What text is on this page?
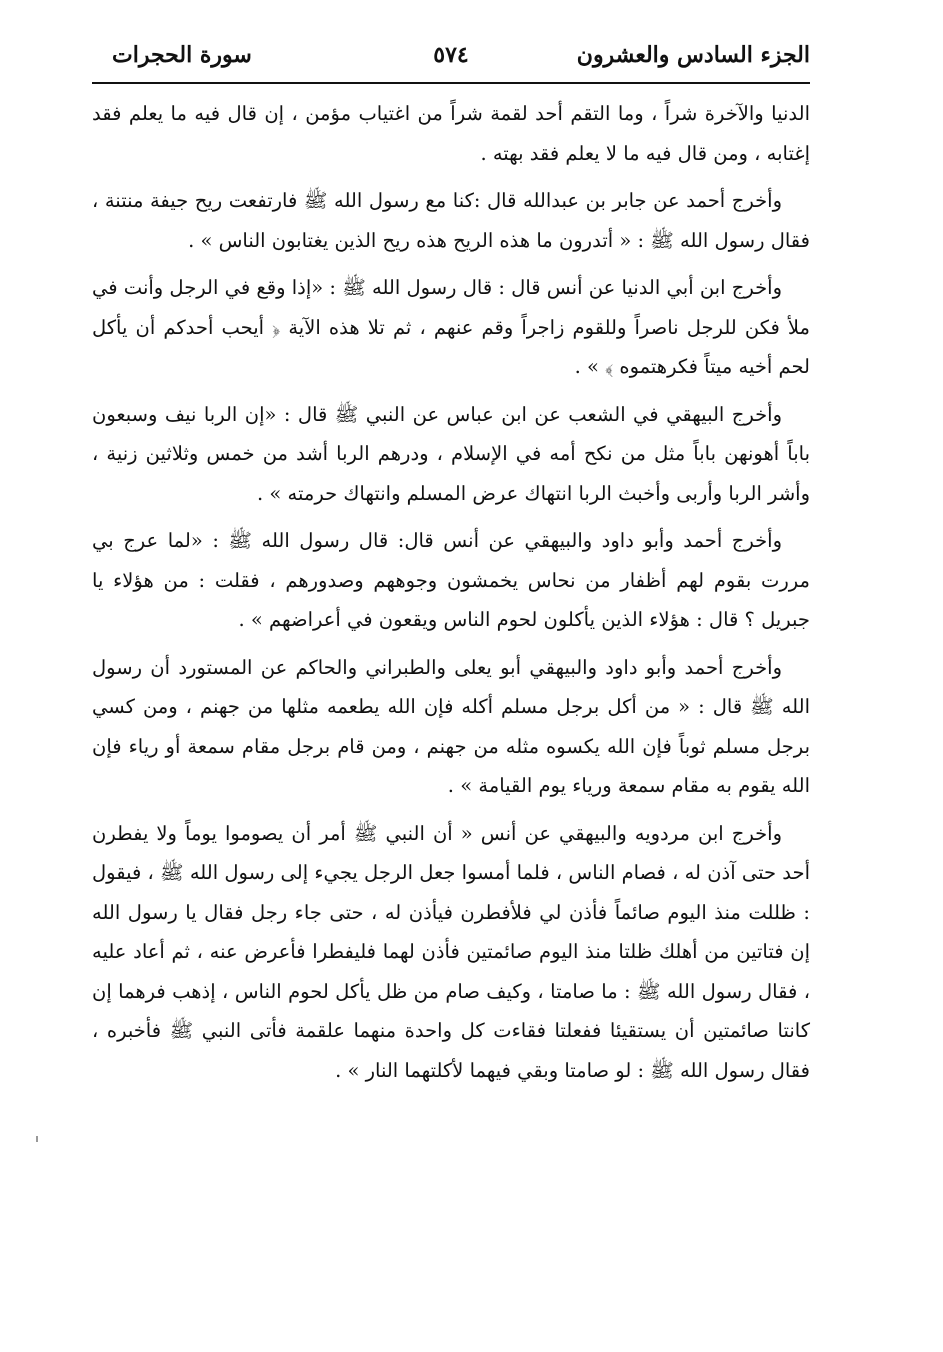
الجزء السادس والعشرون
٥٧٤
سورة الحجرات

الدنيا والآخرة شراً ، وما التقم أحد لقمة شراً من اغتياب مؤمن ، إن قال فيه ما يعلم فقد إغتابه ، ومن قال فيه ما لا يعلم فقد بهته .

وأخرج أحمد عن جابر بن عبدالله قال :كنا مع رسول الله ﷺ فارتفعت ريح جيفة منتنة ، فقال رسول الله ﷺ : « أتدرون ما هذه الريح هذه ريح الذين يغتابون الناس » .

وأخرج ابن أبي الدنيا عن أنس قال : قال رسول الله ﷺ : «إذا وقع في الرجل وأنت في ملأ فكن للرجل ناصراً وللقوم زاجراً وقم عنهم ، ثم تلا هذه الآية ﴿ أيحب أحدكم أن يأكل لحم أخيه ميتاً فكرهتموه ﴾ » .

وأخرج البيهقي في الشعب عن ابن عباس عن النبي ﷺ قال : «إن الربا نيف وسبعون باباً أهونهن باباً مثل من نكح أمه في الإسلام ، ودرهم الربا أشد من خمس وثلاثين زنية ، وأشر الربا وأربى وأخبث الربا انتهاك عرض المسلم وانتهاك حرمته » .

وأخرج أحمد وأبو داود والبيهقي عن أنس قال: قال رسول الله ﷺ : «لما عرج بي مررت بقوم لهم أظفار من نحاس يخمشون وجوههم وصدورهم ، فقلت : من هؤلاء يا جبريل ؟ قال : هؤلاء الذين يأكلون لحوم الناس ويقعون في أعراضهم » .

وأخرج أحمد وأبو داود والبيهقي أبو يعلى والطبراني والحاكم عن المستورد أن رسول الله ﷺ قال : « من أكل برجل مسلم أكله فإن الله يطعمه مثلها من جهنم ، ومن كسي برجل مسلم ثوباً فإن الله يكسوه مثله من جهنم ، ومن قام برجل مقام سمعة أو رياء فإن الله يقوم به مقام سمعة ورياء يوم القيامة » .

وأخرج ابن مردويه والبيهقي عن أنس « أن النبي ﷺ أمر أن يصوموا يوماً ولا يفطرن أحد حتى آذن له ، فصام الناس ، فلما أمسوا جعل الرجل يجيء إلى رسول الله ﷺ ، فيقول : ظللت منذ اليوم صائماً فأذن لي فلأفطرن فيأذن له ، حتى جاء رجل فقال يا رسول الله إن فتاتين من أهلك ظلتا منذ اليوم صائمتين فأذن لهما فليفطرا فأعرض عنه ، ثم أعاد عليه ، فقال رسول الله ﷺ : ما صامتا ، وكيف صام من ظل يأكل لحوم الناس ، إذهب فرهما إن كانتا صائمتين أن يستقيئا ففعلتا فقاءت كل واحدة منهما علقمة فأتى النبي ﷺ فأخبره ، فقال رسول الله ﷺ : لو صامتا وبقي فيهما لأكلتهما النار » .
